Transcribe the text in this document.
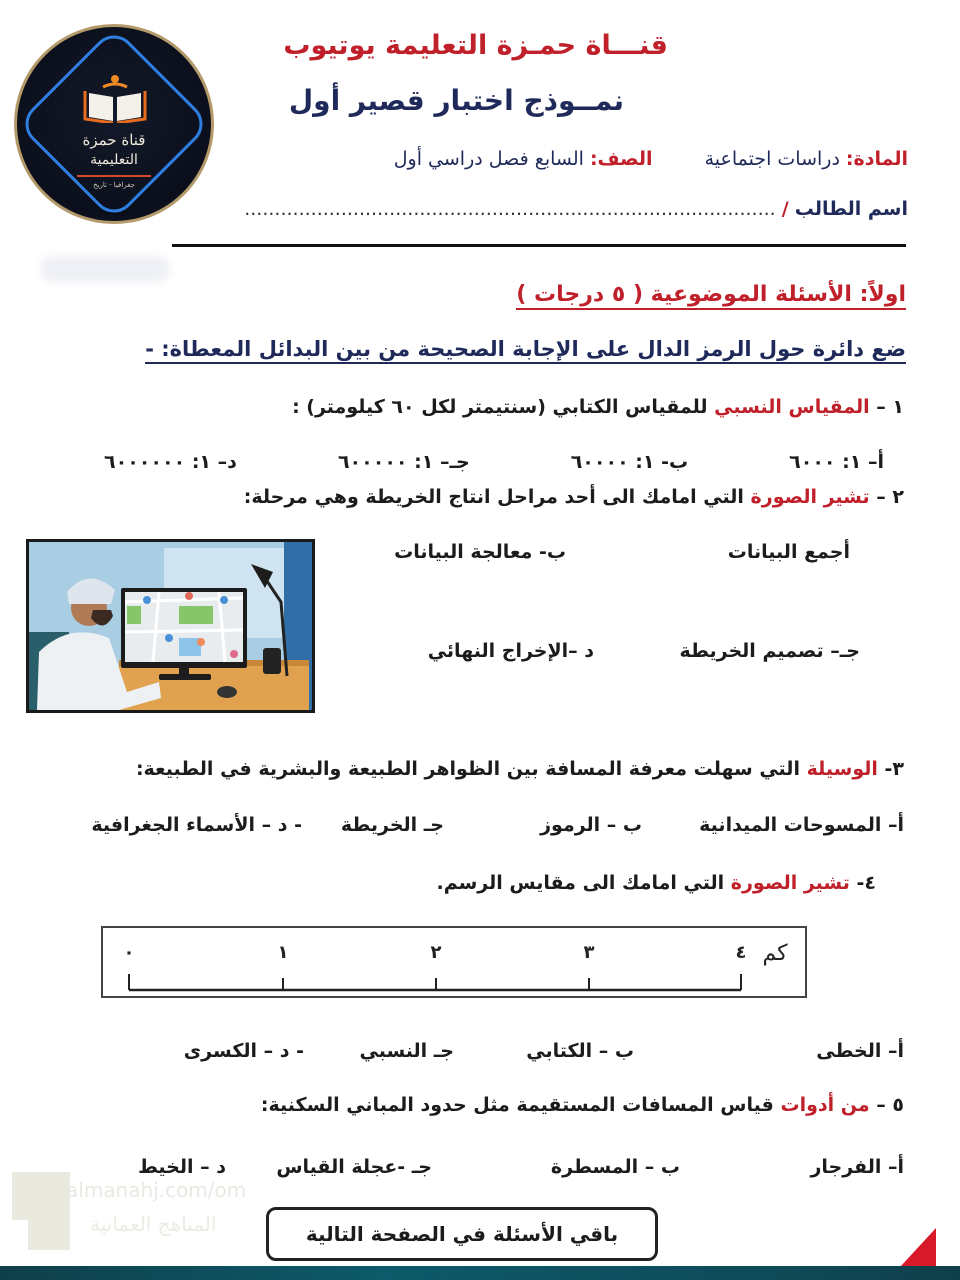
قناة حمزة
التعليمية
جغرافيا - تاريخ
قنـــاة حمـزة التعليمة يوتيوب
نمــوذج اختبار قصير أول
المادة:دراسات اجتماعيةالصف:السابع فصل دراسي أول
اسم الطالب / ........................................................................................
اولاً: الأسئلة الموضوعية ( ٥ درجات )
ضع دائرة حول الرمز الدال على الإجابة الصحيحة من بين البدائل المعطاة: -
١ – المقياس النسبي للمقياس الكتابي (سنتيمتر لكل ٦٠ كيلومتر) :
أ– ١: ٦٠٠٠
ب- ١: ٦٠٠٠٠
جـ– ١: ٦٠٠٠٠٠
د– ١: ٦٠٠٠٠٠٠
٢ – تشير الصورة التي امامك الى أحد مراحل انتاج الخريطة وهي مرحلة:
أجمع البيانات
ب- معالجة البيانات
جـ– تصميم الخريطة
د –الإخراج النهائي
٣- الوسيلة التي سهلت معرفة المسافة بين الظواهر الطبيعة والبشرية في الطبيعة:
أ– المسوحات الميدانية
ب – الرموز
جـ الخريطة
- د – الأسماء الجغرافية
٤- تشير الصورة التي امامك الى مقايس الرسم.
٠	١	٢	٣	٤ كم
أ– الخطى
ب – الكتابي
جـ النسبي
- د – الكسرى
٥ – من أدوات قياس المسافات المستقيمة مثل حدود المباني السكنية:
أ– الفرجار
ب – المسطرة
جـ -عجلة القياس
د – الخيط
almanahj.com/om
المناهج العمانية	باقي الأسئلة في الصفحة التالية
